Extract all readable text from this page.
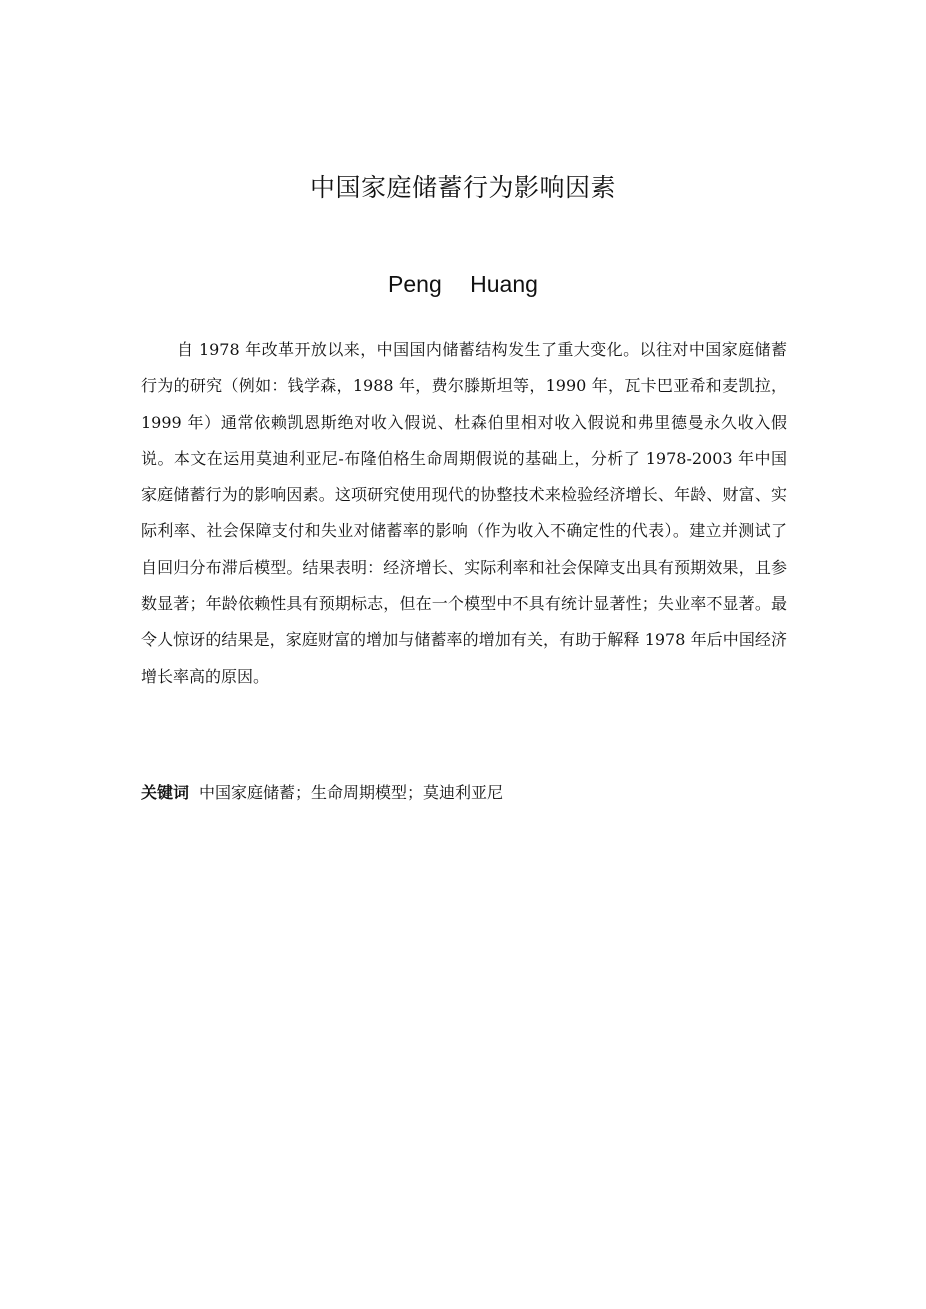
中国家庭储蓄行为影响因素

Peng Huang

自 1978 年改革开放以来，中国国内储蓄结构发生了重大变化。以往对中国家庭储蓄行为的研究（例如：钱学森，1988 年，费尔滕斯坦等，1990 年，瓦卡巴亚希和麦凯拉，1999 年）通常依赖凯恩斯绝对收入假说、杜森伯里相对收入假说和弗里德曼永久收入假说。本文在运用莫迪利亚尼-布隆伯格生命周期假说的基础上，分析了 1978-2003 年中国家庭储蓄行为的影响因素。这项研究使用现代的协整技术来检验经济增长、年龄、财富、实际利率、社会保障支付和失业对储蓄率的影响（作为收入不确定性的代表）。建立并测试了自回归分布滞后模型。结果表明：经济增长、实际利率和社会保障支出具有预期效果，且参数显著；年龄依赖性具有预期标志，但在一个模型中不具有统计显著性；失业率不显著。最令人惊讶的结果是，家庭财富的增加与储蓄率的增加有关，有助于解释 1978 年后中国经济增长率高的原因。

关键词 中国家庭储蓄；生命周期模型；莫迪利亚尼
